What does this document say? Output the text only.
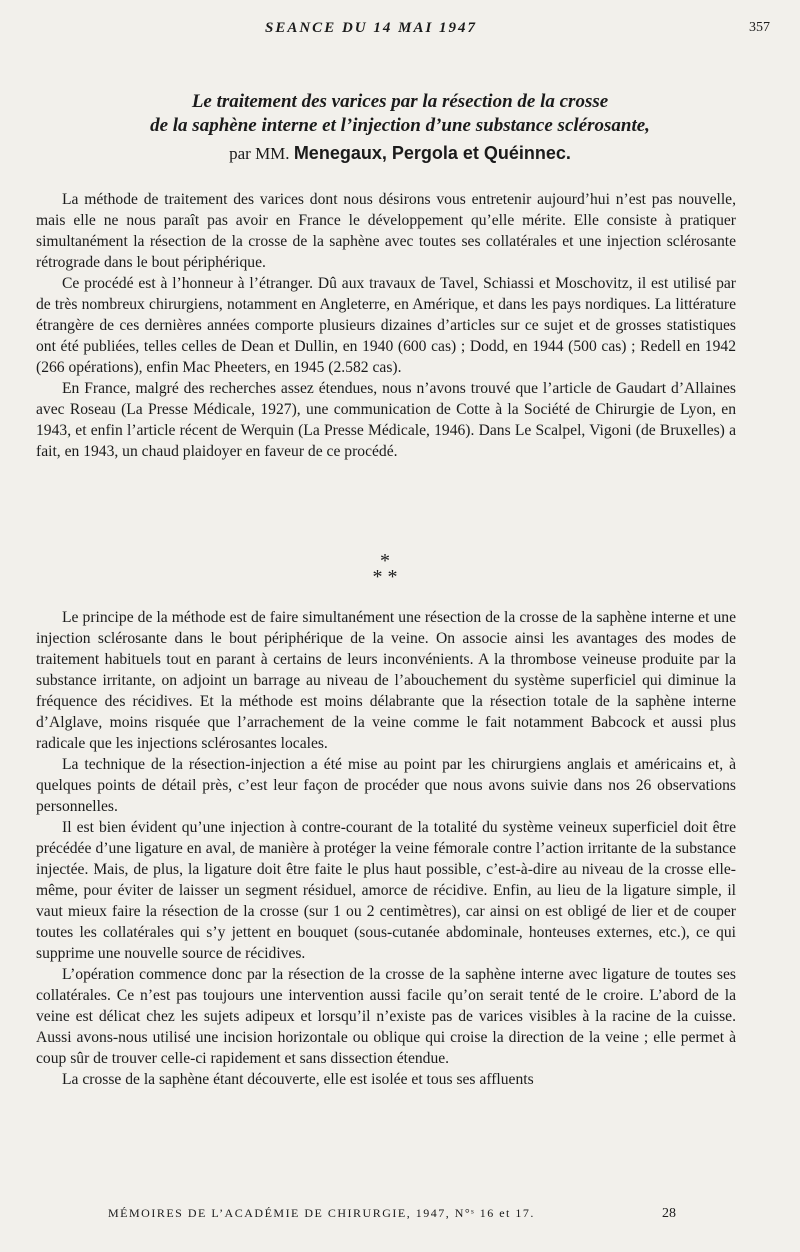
SEANCE DU 14 MAI 1947	357
Le traitement des varices par la résection de la crosse
de la saphène interne et l’injection d’une substance sclérosante,
par MM. Menegaux, Pergola et Quéinnec.

La méthode de traitement des varices dont nous désirons vous entretenir aujourd’hui n’est pas nouvelle, mais elle ne nous paraît pas avoir en France le développement qu’elle mérite. Elle consiste à pratiquer simultanément la résection de la crosse de la saphène avec toutes ses collatérales et une injection sclérosante rétrograde dans le bout périphérique.

Ce procédé est à l’honneur à l’étranger. Dû aux travaux de Tavel, Schiassi et Moschovitz, il est utilisé par de très nombreux chirurgiens, notamment en Angleterre, en Amérique, et dans les pays nordiques. La littérature étrangère de ces dernières années comporte plusieurs dizaines d’articles sur ce sujet et de grosses statistiques ont été publiées, telles celles de Dean et Dullin, en 1940 (600 cas) ; Dodd, en 1944 (500 cas) ; Redell en 1942 (266 opérations), enfin Mac Pheeters, en 1945 (2.582 cas).

En France, malgré des recherches assez étendues, nous n’avons trouvé que l’article de Gaudart d’Allaines avec Roseau (La Presse Médicale, 1927), une communication de Cotte à la Société de Chirurgie de Lyon, en 1943, et enfin l’article récent de Werquin (La Presse Médicale, 1946). Dans Le Scalpel, Vigoni (de Bruxelles) a fait, en 1943, un chaud plaidoyer en faveur de ce procédé.

*
* *

Le principe de la méthode est de faire simultanément une résection de la crosse de la saphène interne et une injection sclérosante dans le bout périphérique de la veine. On associe ainsi les avantages des modes de traitement habituels tout en parant à certains de leurs inconvénients. A la thrombose veineuse produite par la substance irritante, on adjoint un barrage au niveau de l’abouchement du système superficiel qui diminue la fréquence des récidives. Et la méthode est moins délabrante que la résection totale de la saphène interne d’Alglave, moins risquée que l’arrachement de la veine comme le fait notamment Babcock et aussi plus radicale que les injections sclérosantes locales.

La technique de la résection-injection a été mise au point par les chirurgiens anglais et américains et, à quelques points de détail près, c’est leur façon de procéder que nous avons suivie dans nos 26 observations personnelles.

Il est bien évident qu’une injection à contre-courant de la totalité du système veineux superficiel doit être précédée d’une ligature en aval, de manière à protéger la veine fémorale contre l’action irritante de la substance injectée. Mais, de plus, la ligature doit être faite le plus haut possible, c’est-à-dire au niveau de la crosse elle-même, pour éviter de laisser un segment résiduel, amorce de récidive. Enfin, au lieu de la ligature simple, il vaut mieux faire la résection de la crosse (sur 1 ou 2 centimètres), car ainsi on est obligé de lier et de couper toutes les collatérales qui s’y jettent en bouquet (sous-cutanée abdominale, honteuses externes, etc.), ce qui supprime une nouvelle source de récidives.

L’opération commence donc par la résection de la crosse de la saphène interne avec ligature de toutes ses collatérales. Ce n’est pas toujours une intervention aussi facile qu’on serait tenté de le croire. L’abord de la veine est délicat chez les sujets adipeux et lorsqu’il n’existe pas de varices visibles à la racine de la cuisse. Aussi avons-nous utilisé une incision horizontale ou oblique qui croise la direction de la veine ; elle permet à coup sûr de trouver celle-ci rapidement et sans dissection étendue.

La crosse de la saphène étant découverte, elle est isolée et tous ses affluents

MÉMOIRES DE L’ACADÉMIE DE CHIRURGIE, 1947, N°ˢ 16 et 17.	28
